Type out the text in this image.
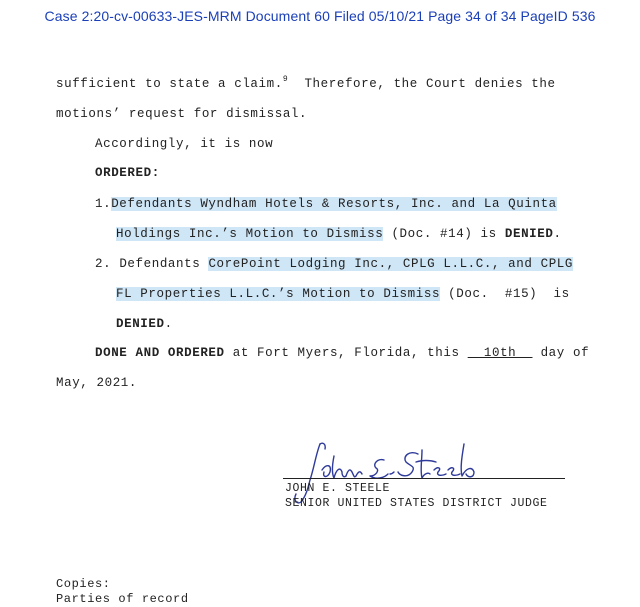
Case 2:20-cv-00633-JES-MRM Document 60 Filed 05/10/21 Page 34 of 34 PageID 536
sufficient to state a claim.$^9$  Therefore, the Court denies the
motions’ request for dismissal.
Accordingly, it is now
ORDERED:
1.Defendants Wyndham Hotels & Resorts, Inc. and La Quinta
Holdings Inc.’s Motion to Dismiss (Doc. #14) is DENIED.
2. Defendants CorePoint Lodging Inc., CPLG L.L.C., and CPLG
FL Properties L.L.C.’s Motion to Dismiss (Doc.  #15)  is
DENIED.
DONE AND ORDERED at Fort Myers, Florida, this   10th   day of
May, 2021.
JOHN E. STEELE
SENIOR UNITED STATES DISTRICT JUDGE
Copies:
Parties of record
